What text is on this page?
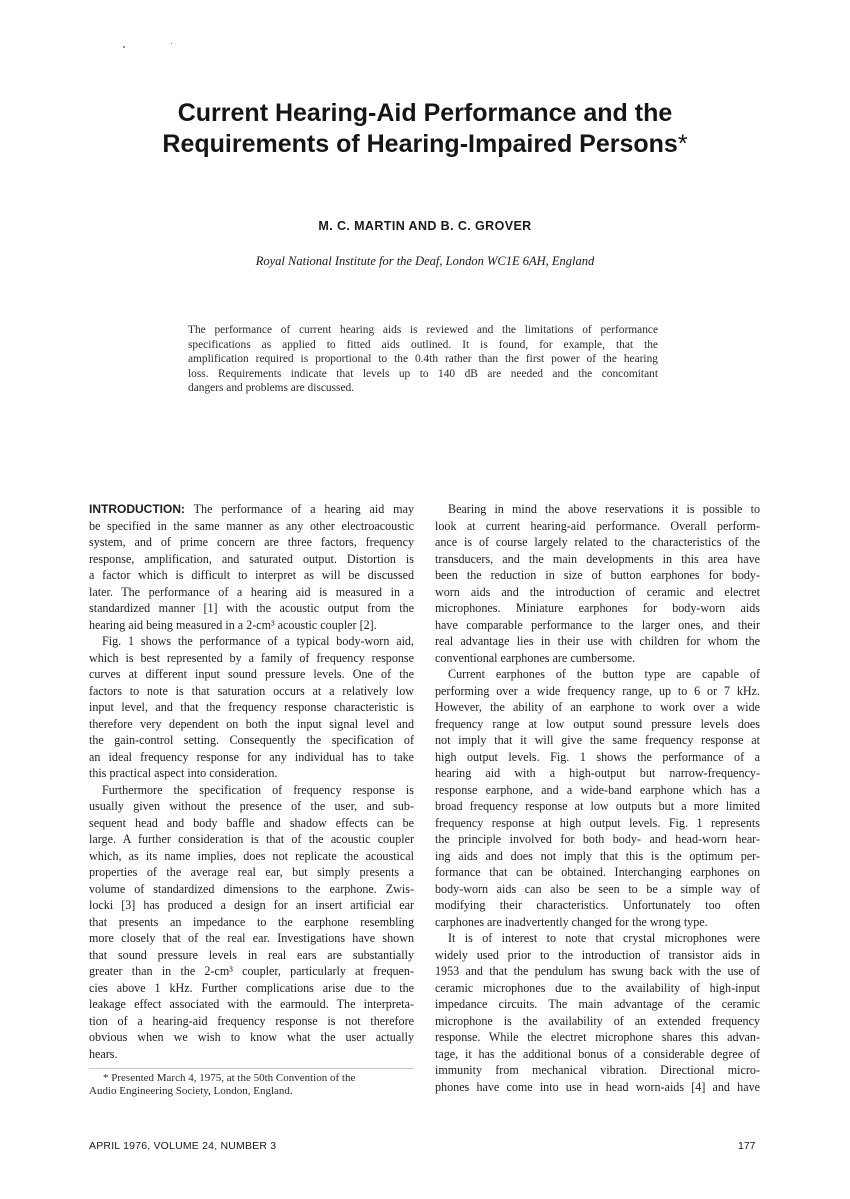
Current Hearing-Aid Performance and the
Requirements of Hearing-Impaired Persons*
M. C. MARTIN AND B. C. GROVER
Royal National Institute for the Deaf, London WC1E 6AH, England
The performance of current hearing aids is reviewed and the limitations of performance
specifications as applied to fitted aids outlined. It is found, for example, that the
amplification required is proportional to the 0.4th rather than the first power of the hearing
loss. Requirements indicate that levels up to 140 dB are needed and the concomitant
dangers and problems are discussed.
INTRODUCTION: The performance of a hearing aid may
be specified in the same manner as any other electroacoustic
system, and of prime concern are three factors, frequency
response, amplification, and saturated output. Distortion is
a factor which is difficult to interpret as will be discussed
later. The performance of a hearing aid is measured in a
standardized manner [1] with the acoustic output from the
hearing aid being measured in a 2-cm³ acoustic coupler [2].
Fig. 1 shows the performance of a typical body-worn aid,
which is best represented by a family of frequency response
curves at different input sound pressure levels. One of the
factors to note is that saturation occurs at a relatively low
input level, and that the frequency response characteristic is
therefore very dependent on both the input signal level and
the gain-control setting. Consequently the specification of
an ideal frequency response for any individual has to take
this practical aspect into consideration.
Furthermore the specification of frequency response is
usually given without the presence of the user, and sub-
sequent head and body baffle and shadow effects can be
large. A further consideration is that of the acoustic coupler
which, as its name implies, does not replicate the acoustical
properties of the average real ear, but simply presents a
volume of standardized dimensions to the earphone. Zwis-
locki [3] has produced a design for an insert artificial ear
that presents an impedance to the earphone resembling
more closely that of the real ear. Investigations have shown
that sound pressure levels in real ears are substantially
greater than in the 2-cm³ coupler, particularly at frequen-
cies above 1 kHz. Further complications arise due to the
leakage effect associated with the earmould. The interpreta-
tion of a hearing-aid frequency response is not therefore
obvious when we wish to know what the user actually
hears.
Bearing in mind the above reservations it is possible to
look at current hearing-aid performance. Overall perform-
ance is of course largely related to the characteristics of the
transducers, and the main developments in this area have
been the reduction in size of button earphones for body-
worn aids and the introduction of ceramic and electret
microphones. Miniature earphones for body-worn aids
have comparable performance to the larger ones, and their
real advantage lies in their use with children for whom the
conventional earphones are cumbersome.
Current earphones of the button type are capable of
performing over a wide frequency range, up to 6 or 7 kHz.
However, the ability of an earphone to work over a wide
frequency range at low output sound pressure levels does
not imply that it will give the same frequency response at
high output levels. Fig. 1 shows the performance of a
hearing aid with a high-output but narrow-frequency-
response earphone, and a wide-band earphone which has a
broad frequency response at low outputs but a more limited
frequency response at high output levels. Fig. 1 represents
the principle involved for both body- and head-worn hear-
ing aids and does not imply that this is the optimum per-
formance that can be obtained. Interchanging earphones on
body-worn aids can also be seen to be a simple way of
modifying their characteristics. Unfortunately too often
carphones are inadvertently changed for the wrong type.
It is of interest to note that crystal microphones were
widely used prior to the introduction of transistor aids in
1953 and that the pendulum has swung back with the use of
ceramic microphones due to the availability of high-input
impedance circuits. The main advantage of the ceramic
microphone is the availability of an extended frequency
response. While the electret microphone shares this advan-
tage, it has the additional bonus of a considerable degree of
immunity from mechanical vibration. Directional micro-
phones have come into use in head worn-aids [4] and have
* Presented March 4, 1975, at the 50th Convention of the
Audio Engineering Society, London, England.
APRIL 1976, VOLUME 24, NUMBER 3	177
